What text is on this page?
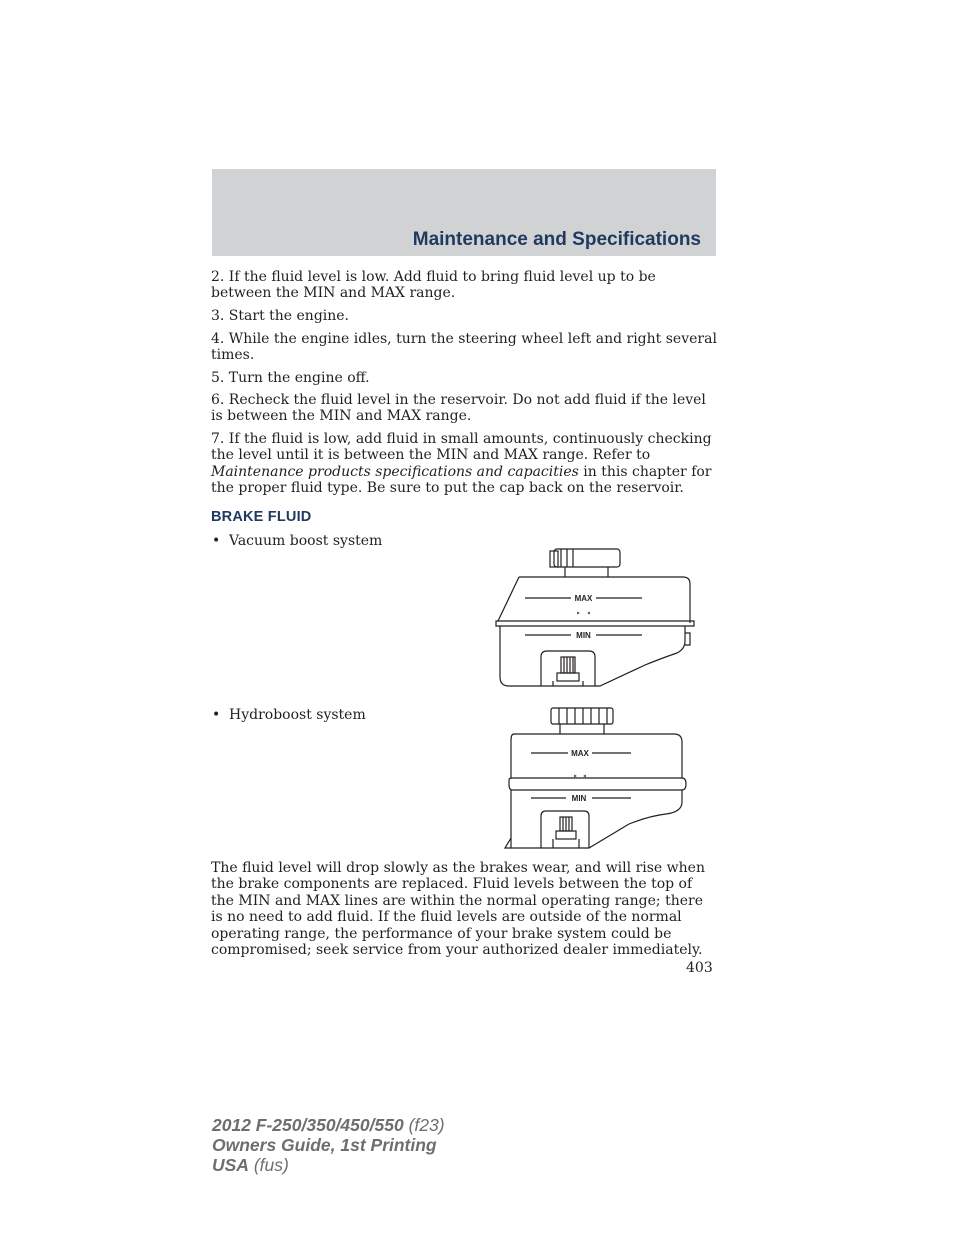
Maintenance and Specifications

2. If the fluid level is low. Add fluid to bring fluid level up to be between the MIN and MAX range.

3. Start the engine.

4. While the engine idles, turn the steering wheel left and right several times.

5. Turn the engine off.

6. Recheck the fluid level in the reservoir. Do not add fluid if the level is between the MIN and MAX range.

7. If the fluid is low, add fluid in small amounts, continuously checking the level until it is between the MIN and MAX range. Refer to Maintenance products specifications and capacities in this chapter for the proper fluid type. Be sure to put the cap back on the reservoir.

BRAKE FLUID
• Vacuum boost system
MAX
MIN
• Hydroboost system
MAX
MIN

The fluid level will drop slowly as the brakes wear, and will rise when the brake components are replaced. Fluid levels between the top of the MIN and MAX lines are within the normal operating range; there is no need to add fluid. If the fluid levels are outside of the normal operating range, the performance of your brake system could be compromised; seek service from your authorized dealer immediately.

403
2012 F-250/350/450/550 (f23)
Owners Guide, 1st Printing
USA (fus)
